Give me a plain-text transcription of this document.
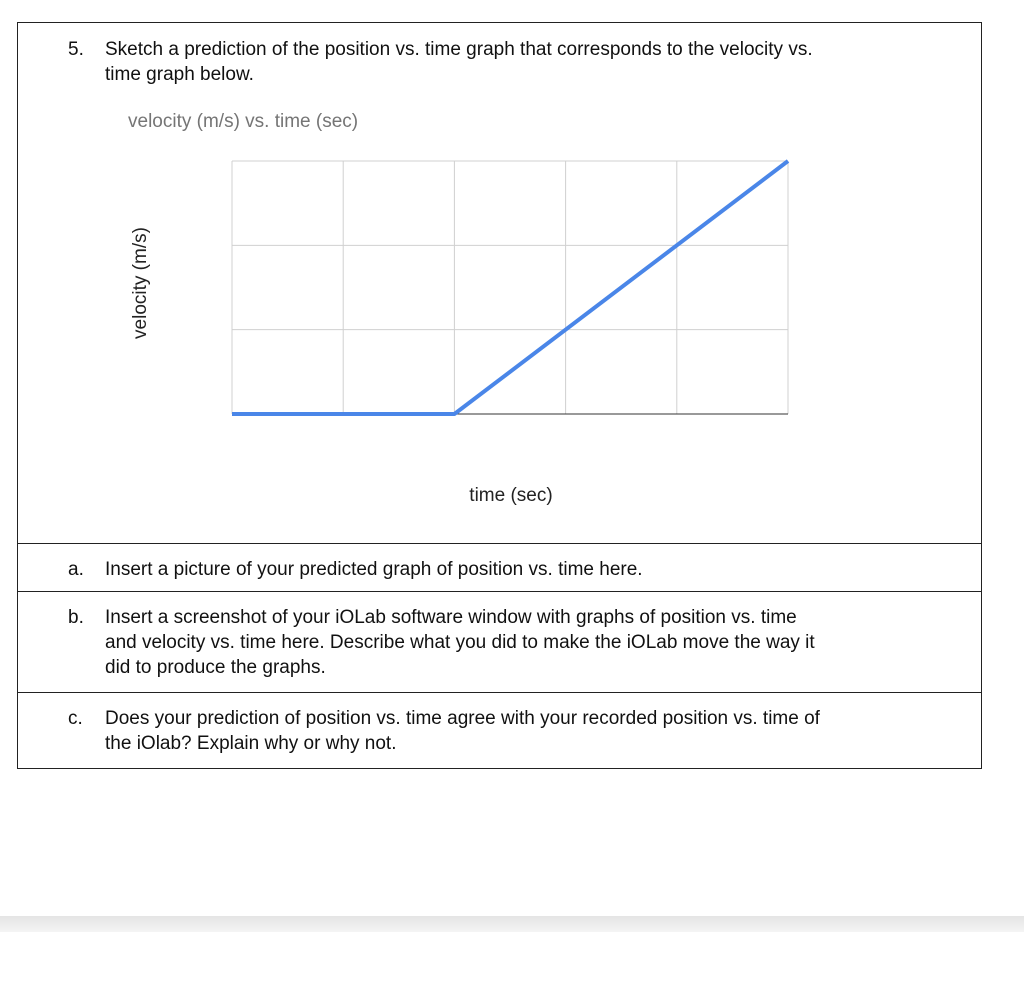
5.	Sketch a prediction of the position vs. time graph that corresponds to the velocity vs.
time graph below.
velocity (m/s) vs. time (sec)
velocity (m/s)
time (sec)
a.	Insert a picture of your predicted graph of position vs. time here.
b.	Insert a screenshot of your iOLab software window with graphs of position vs. time
and velocity vs. time here. Describe what you did to make the iOLab move the way it
did to produce the graphs.
c.	Does your prediction of position vs. time agree with your recorded position vs. time of
the iOlab? Explain why or why not.
